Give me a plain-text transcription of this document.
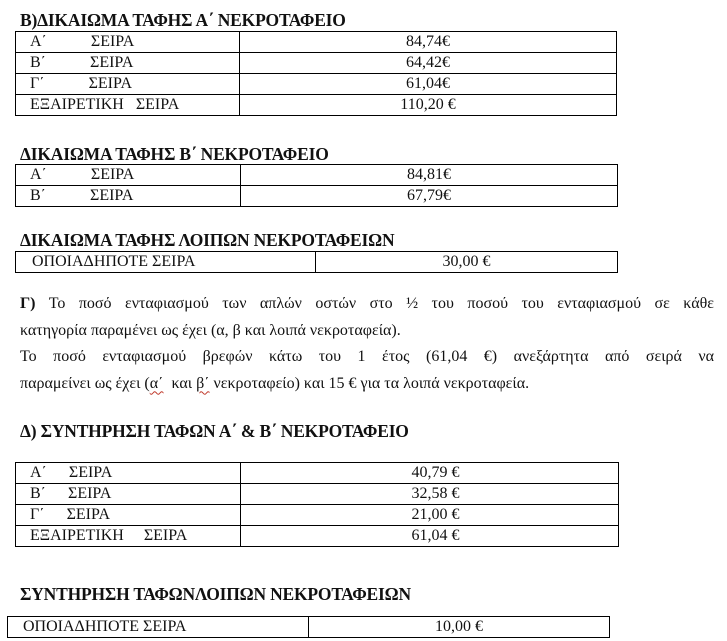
Β)ΔΙΚΑΙΩΜΑ ΤΑΦΗΣ Α΄ ΝΕΚΡΟΤΑΦΕΙΟ
Α΄ ΣΕΙΡΑ	84,74€
Β΄ ΣΕΙΡΑ	64,42€
Γ΄ ΣΕΙΡΑ	61,04€
ΕΞΑΙΡΕΤΙΚΗ ΣΕΙΡΑ	110,20 €
ΔΙΚΑΙΩΜΑ ΤΑΦΗΣ Β΄ ΝΕΚΡΟΤΑΦΕΙΟ
Α΄ ΣΕΙΡΑ	84,81€
Β΄ ΣΕΙΡΑ	67,79€
ΔΙΚΑΙΩΜΑ ΤΑΦΗΣ ΛΟΙΠΩΝ ΝΕΚΡΟΤΑΦΕΙΩΝ
ΟΠΟΙΑΔΗΠΟΤΕ ΣΕΙΡΑ	30,00 €
Γ) Το ποσό ενταφιασμού των απλών οστών στο ½ του ποσού του ενταφιασμού σε κάθε
κατηγορία παραμένει ως έχει (α, β και λοιπά νεκροταφεία).
Το ποσό ενταφιασμού βρεφών κάτω του 1 έτος (61,04 €) ανεξάρτητα από σειρά να
παραμείνει ως έχει (α΄  και β΄ νεκροταφείο) και 15 € για τα λοιπά νεκροταφεία.
Δ) ΣΥΝΤΗΡΗΣΗ ΤΑΦΩΝ Α΄ & Β΄ ΝΕΚΡΟΤΑΦΕΙΟ
Α΄ ΣΕΙΡΑ	40,79 €
Β΄ ΣΕΙΡΑ	32,58 €
Γ΄ ΣΕΙΡΑ	21,00 €
ΕΞΑΙΡΕΤΙΚΗ ΣΕΙΡΑ	61,04 €
ΣΥΝΤΗΡΗΣΗ ΤΑΦΩΝΛΟΙΠΩΝ ΝΕΚΡΟΤΑΦΕΙΩΝ
ΟΠΟΙΑΔΗΠΟΤΕ ΣΕΙΡΑ	10,00 €
